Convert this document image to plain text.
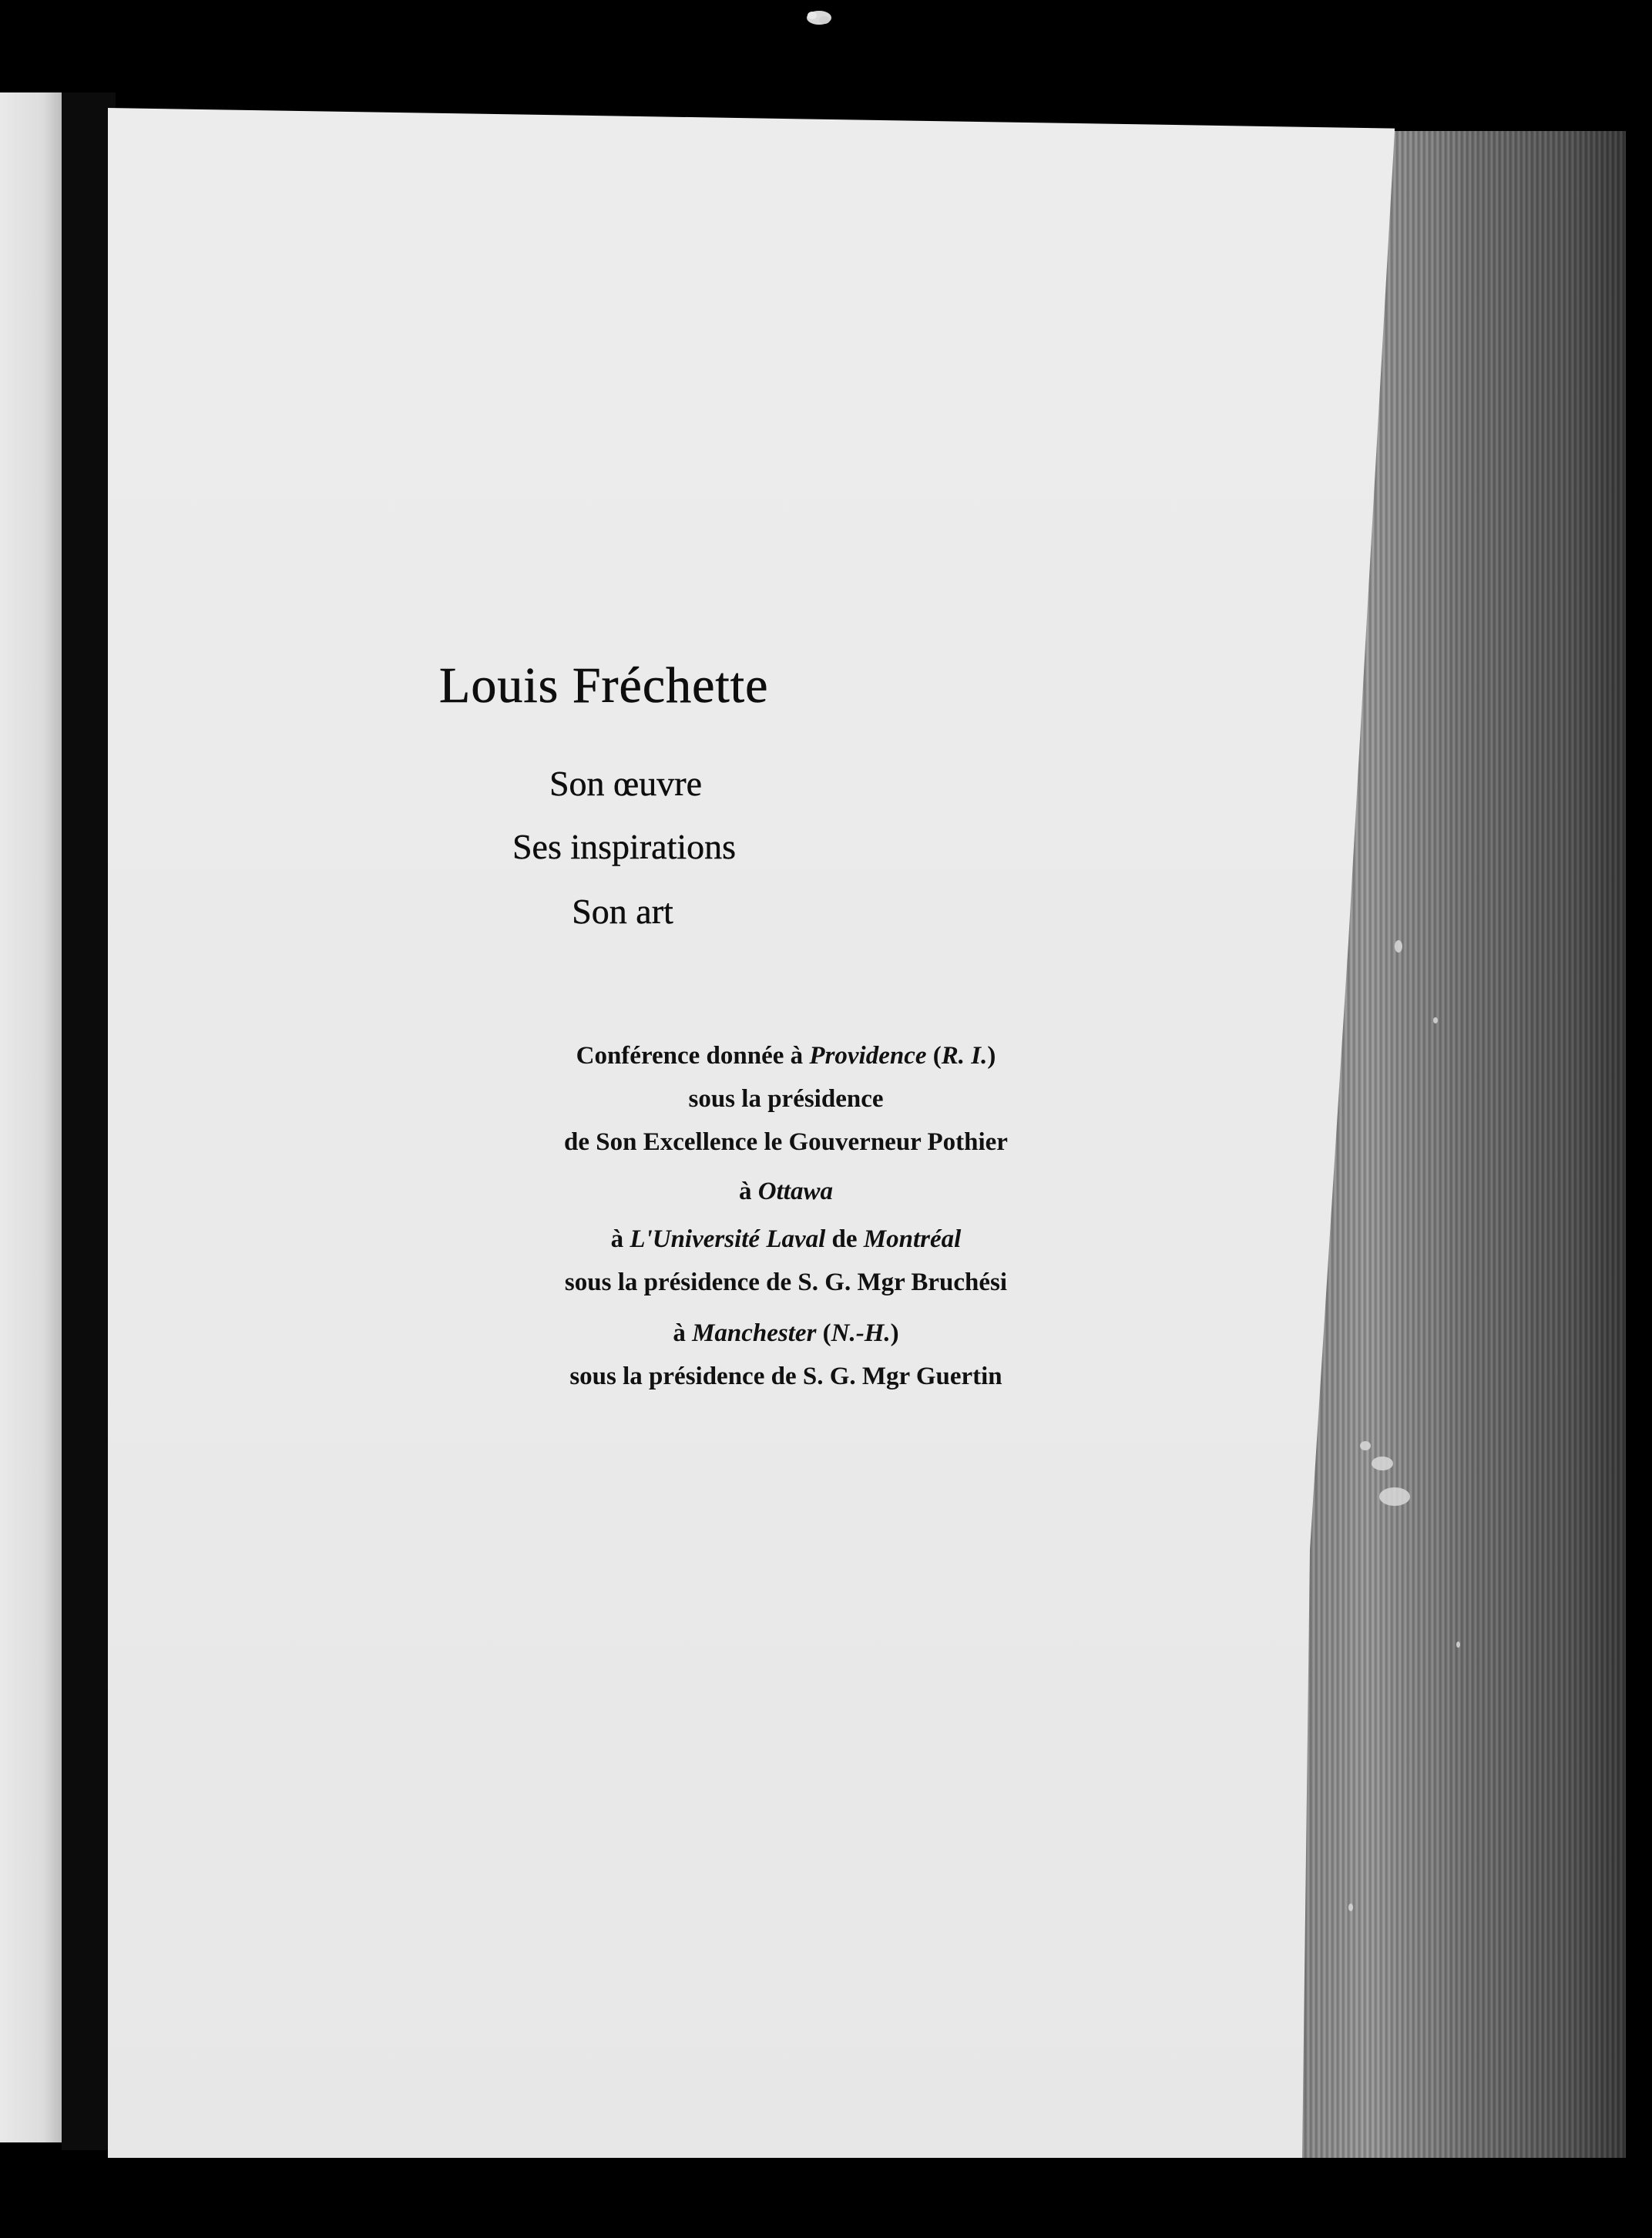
Louis Fréchette
Son œuvre
Ses inspirations
Son art
Conférence donnée à Providence (R. I.)
sous la présidence
de Son Excellence le Gouverneur Pothier
à Ottawa
à L'Université Laval de Montréal
sous la présidence de S. G. Mgr Bruchési
à Manchester (N.-H.)
sous la présidence de S. G. Mgr Guertin
